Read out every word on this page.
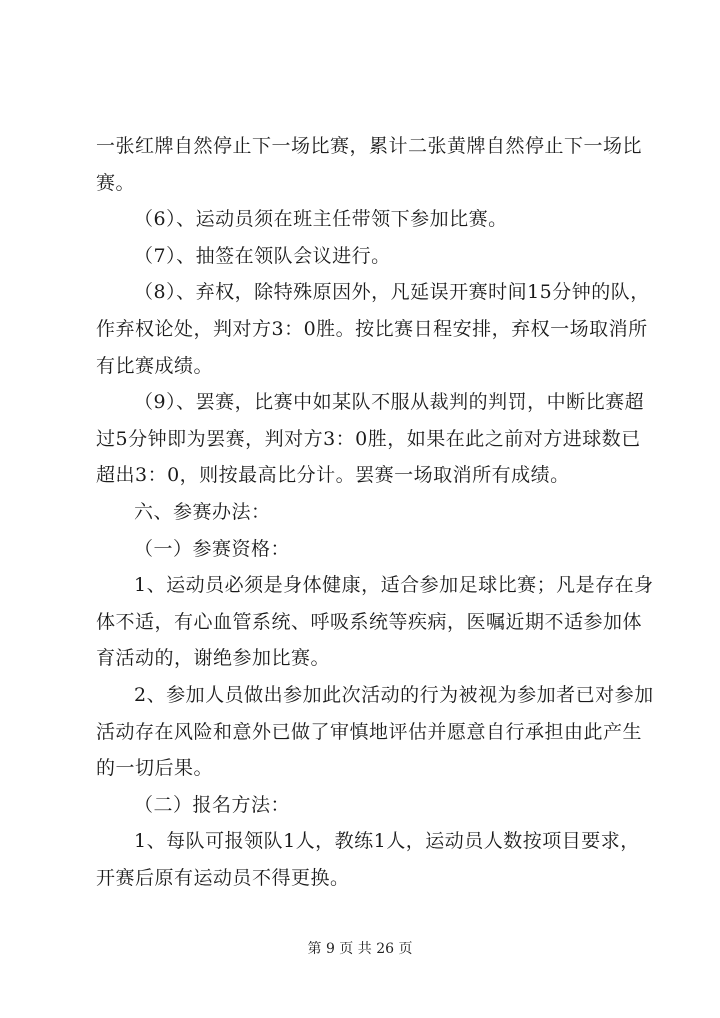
一张红牌自然停止下一场比赛，累计二张黄牌自然停止下一场比赛。

（6）、运动员须在班主任带领下参加比赛。

（7）、抽签在领队会议进行。

（8）、弃权，除特殊原因外，凡延误开赛时间15分钟的队，作弃权论处，判对方3：0胜。按比赛日程安排，弃权一场取消所有比赛成绩。

（9）、罢赛，比赛中如某队不服从裁判的判罚，中断比赛超过5分钟即为罢赛，判对方3：0胜，如果在此之前对方进球数已超出3：0，则按最高比分计。罢赛一场取消所有成绩。

六、参赛办法：

（一）参赛资格：

1、运动员必须是身体健康，适合参加足球比赛；凡是存在身体不适，有心血管系统、呼吸系统等疾病，医嘱近期不适参加体育活动的，谢绝参加比赛。

2、参加人员做出参加此次活动的行为被视为参加者已对参加活动存在风险和意外已做了审慎地评估并愿意自行承担由此产生的一切后果。

（二）报名方法：

1、每队可报领队1人，教练1人，运动员人数按项目要求，开赛后原有运动员不得更换。

第 9 页 共 26 页
